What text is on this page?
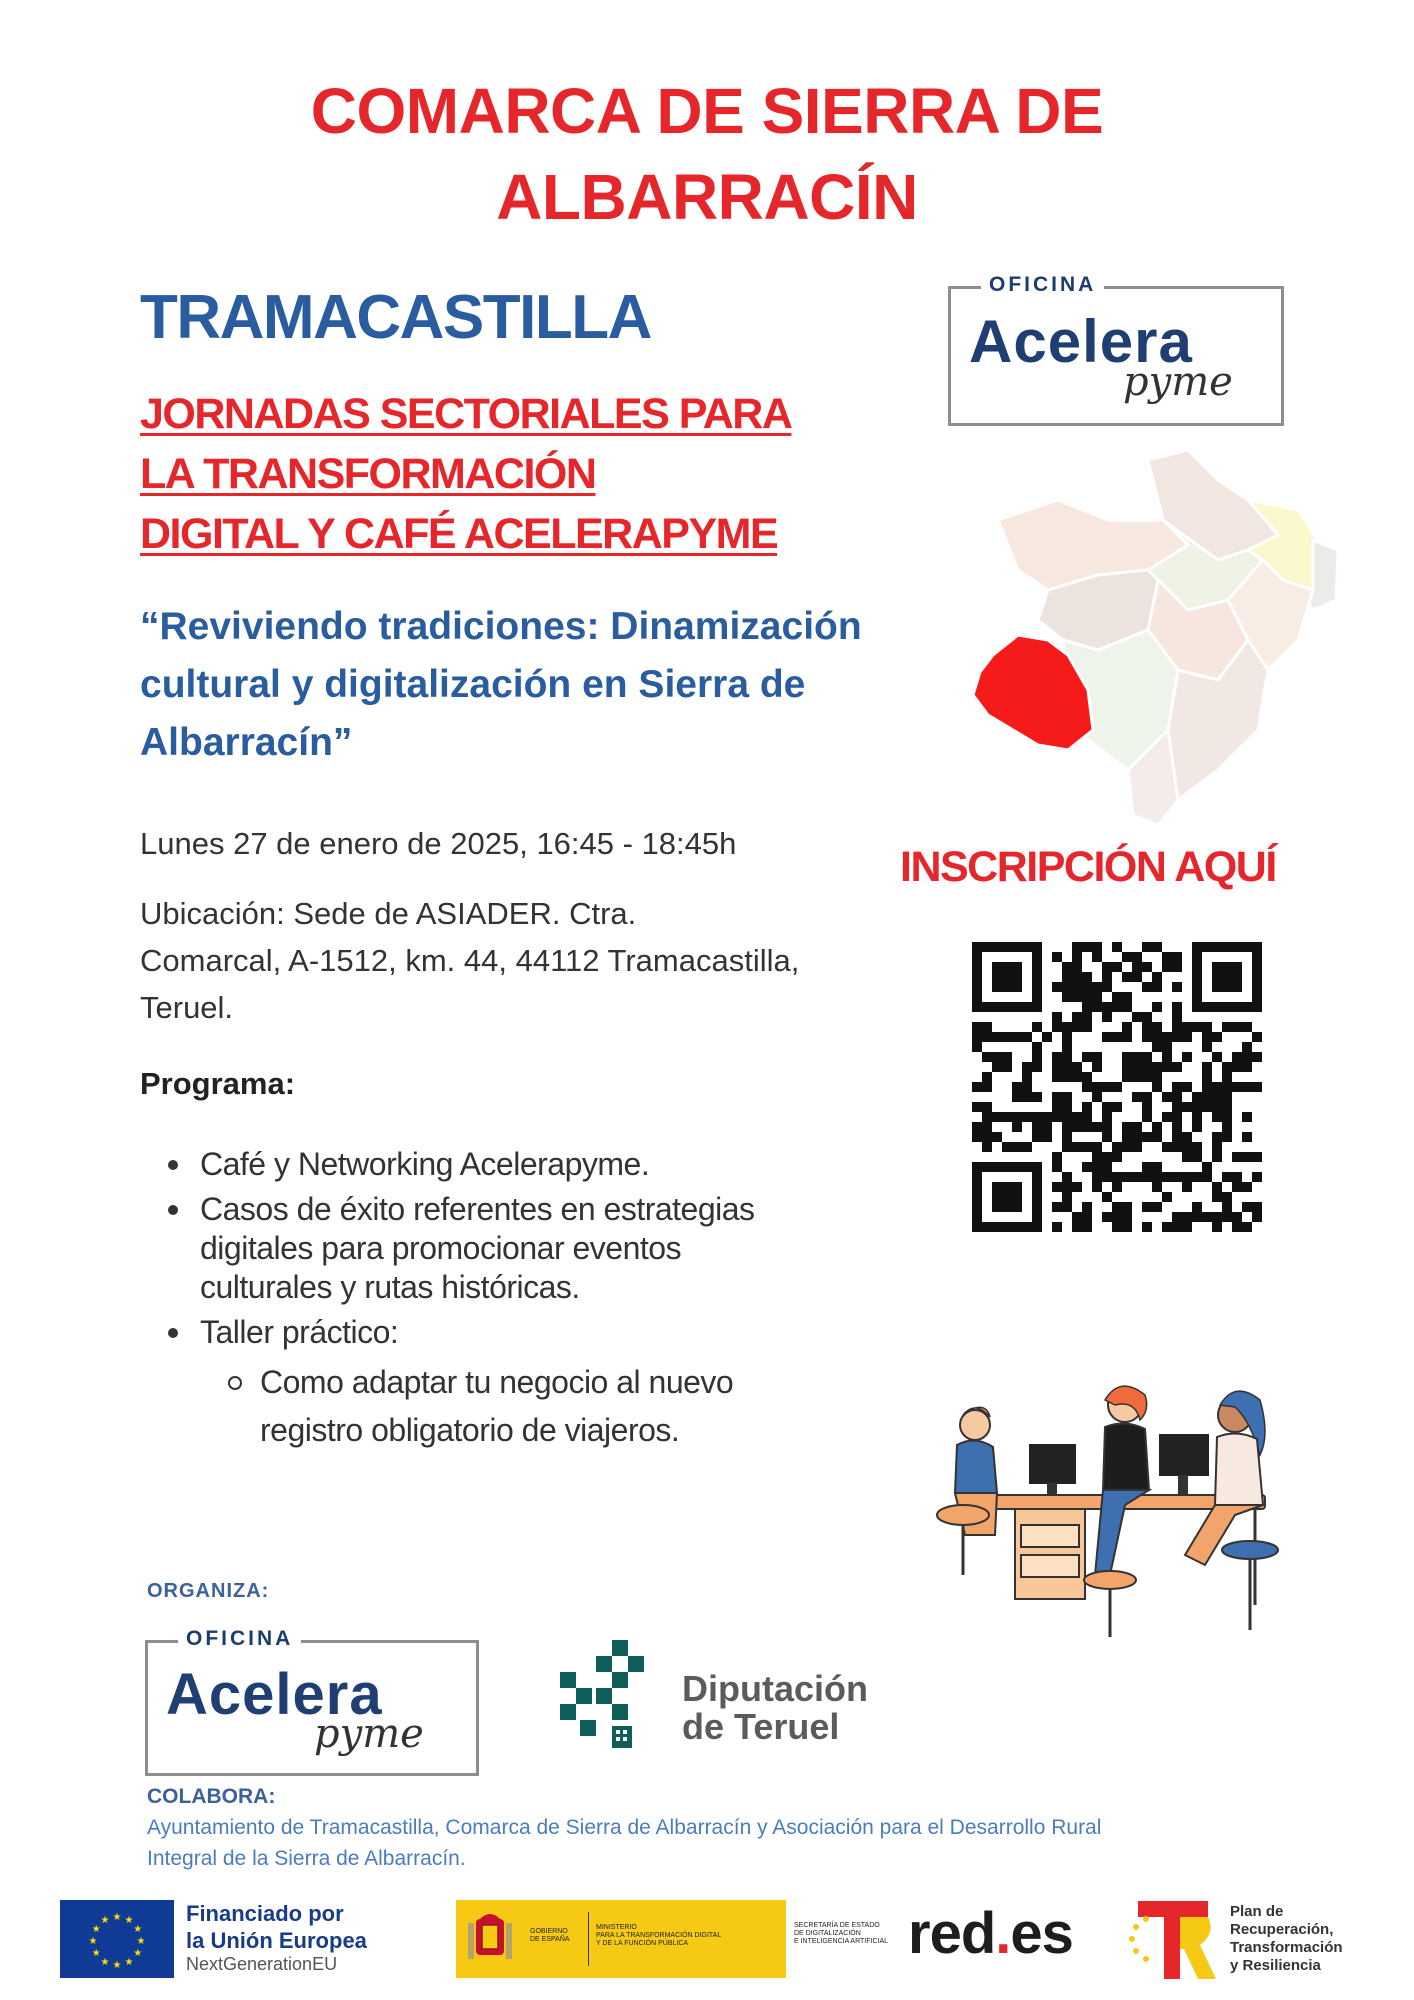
COMARCA DE SIERRA DE
ALBARRACÍN
TRAMACASTILLA
JORNADAS SECTORIALES PARA
LA TRANSFORMACIÓN
DIGITAL Y CAFÉ ACELERAPYME
“Reviviendo tradiciones: Dinamización
cultural y digitalización en Sierra de
Albarracín”
Lunes 27 de enero de 2025, 16:45 - 18:45h
Ubicación: Sede de ASIADER. Ctra.
Comarcal, A-1512, km. 44, 44112 Tramacastilla,
Teruel.
Programa:
Café y Networking Acelerapyme.
Casos de éxito referentes en estrategias
digitales para promocionar eventos
culturales y rutas históricas.
Taller práctico:
Como adaptar tu negocio al nuevo
registro obligatorio de viajeros.
OFICINA
Acelera
pyme
INSCRIPCIÓN AQUÍ
ORGANIZA:
OFICINA
Acelera
pyme
Diputación
de Teruel
COLABORA:
Ayuntamiento de Tramacastilla, Comarca de Sierra de Albarracín y Asociación para el Desarrollo Rural
Integral de la Sierra de Albarracín.
★
★
★
★
★
★
★
★
★ ★ ★
★
Financiado por
la Unión Europea
NextGenerationEU
GOBIERNO
DE ESPAÑA
MINISTERIO
PARA LA TRANSFORMACIÓN DIGITAL
Y DE LA FUNCIÓN PÚBLICA
SECRETARÍA DE ESTADO
DE DIGITALIZACIÓN
E INTELIGENCIA ARTIFICIAL red.es	Plan de
Recuperación,
Transformación
y Resiliencia
